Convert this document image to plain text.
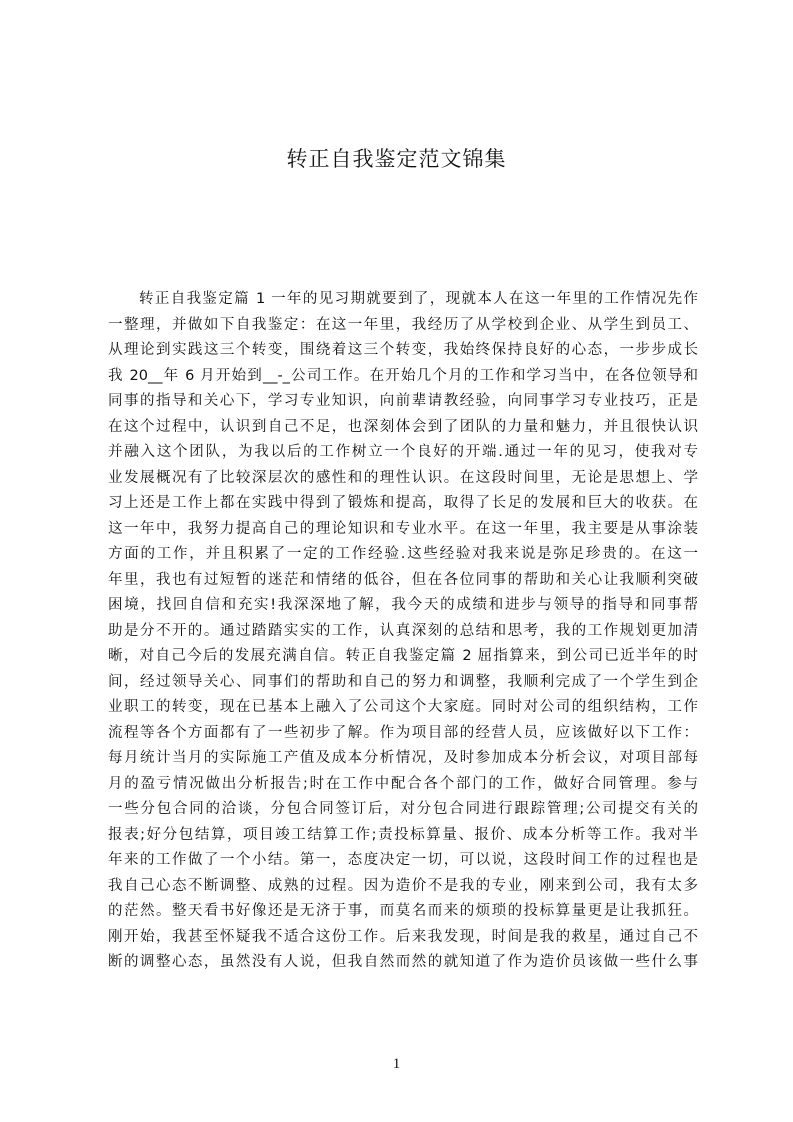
转正自我鉴定范文锦集
转正自我鉴定篇 1 一年的见习期就要到了，现就本人在这一年里的工作情况先作
一整理，并做如下自我鉴定：在这一年里，我经历了从学校到企业、从学生到员工、
从理论到实践这三个转变，围绕着这三个转变，我始终保持良好的心态，一步步成长
我 20__年 6 月开始到__-_公司工作。在开始几个月的工作和学习当中，在各位领导和
同事的指导和关心下，学习专业知识，向前辈请教经验，向同事学习专业技巧，正是
在这个过程中，认识到自己不足，也深刻体会到了团队的力量和魅力，并且很快认识
并融入这个团队，为我以后的工作树立一个良好的开端.通过一年的见习，使我对专
业发展概况有了比较深层次的感性和的理性认识。在这段时间里，无论是思想上、学
习上还是工作上都在实践中得到了锻炼和提高，取得了长足的发展和巨大的收获。在
这一年中，我努力提高自己的理论知识和专业水平。在这一年里，我主要是从事涂装
方面的工作，并且积累了一定的工作经验.这些经验对我来说是弥足珍贵的。在这一
年里，我也有过短暂的迷茫和情绪的低谷，但在各位同事的帮助和关心让我顺利突破
困境，找回自信和充实!我深深地了解，我今天的成绩和进步与领导的指导和同事帮
助是分不开的。通过踏踏实实的工作，认真深刻的总结和思考，我的工作规划更加清
晰，对自己今后的发展充满自信。转正自我鉴定篇 2 屈指算来，到公司已近半年的时
间，经过领导关心、同事们的帮助和自己的努力和调整，我顺利完成了一个学生到企
业职工的转变，现在已基本上融入了公司这个大家庭。同时对公司的组织结构，工作
流程等各个方面都有了一些初步了解。作为项目部的经营人员，应该做好以下工作：
每月统计当月的实际施工产值及成本分析情况，及时参加成本分析会议，对项目部每
月的盈亏情况做出分析报告;时在工作中配合各个部门的工作，做好合同管理。参与
一些分包合同的洽谈，分包合同签订后，对分包合同进行跟踪管理;公司提交有关的
报表;好分包结算，项目竣工结算工作;责投标算量、报价、成本分析等工作。我对半
年来的工作做了一个小结。第一，态度决定一切，可以说，这段时间工作的过程也是
我自己心态不断调整、成熟的过程。因为造价不是我的专业，刚来到公司，我有太多
的茫然。整天看书好像还是无济于事，而莫名而来的烦琐的投标算量更是让我抓狂。
刚开始，我甚至怀疑我不适合这份工作。后来我发现，时间是我的救星，通过自己不
断的调整心态，虽然没有人说，但我自然而然的就知道了作为造价员该做一些什么事
1
